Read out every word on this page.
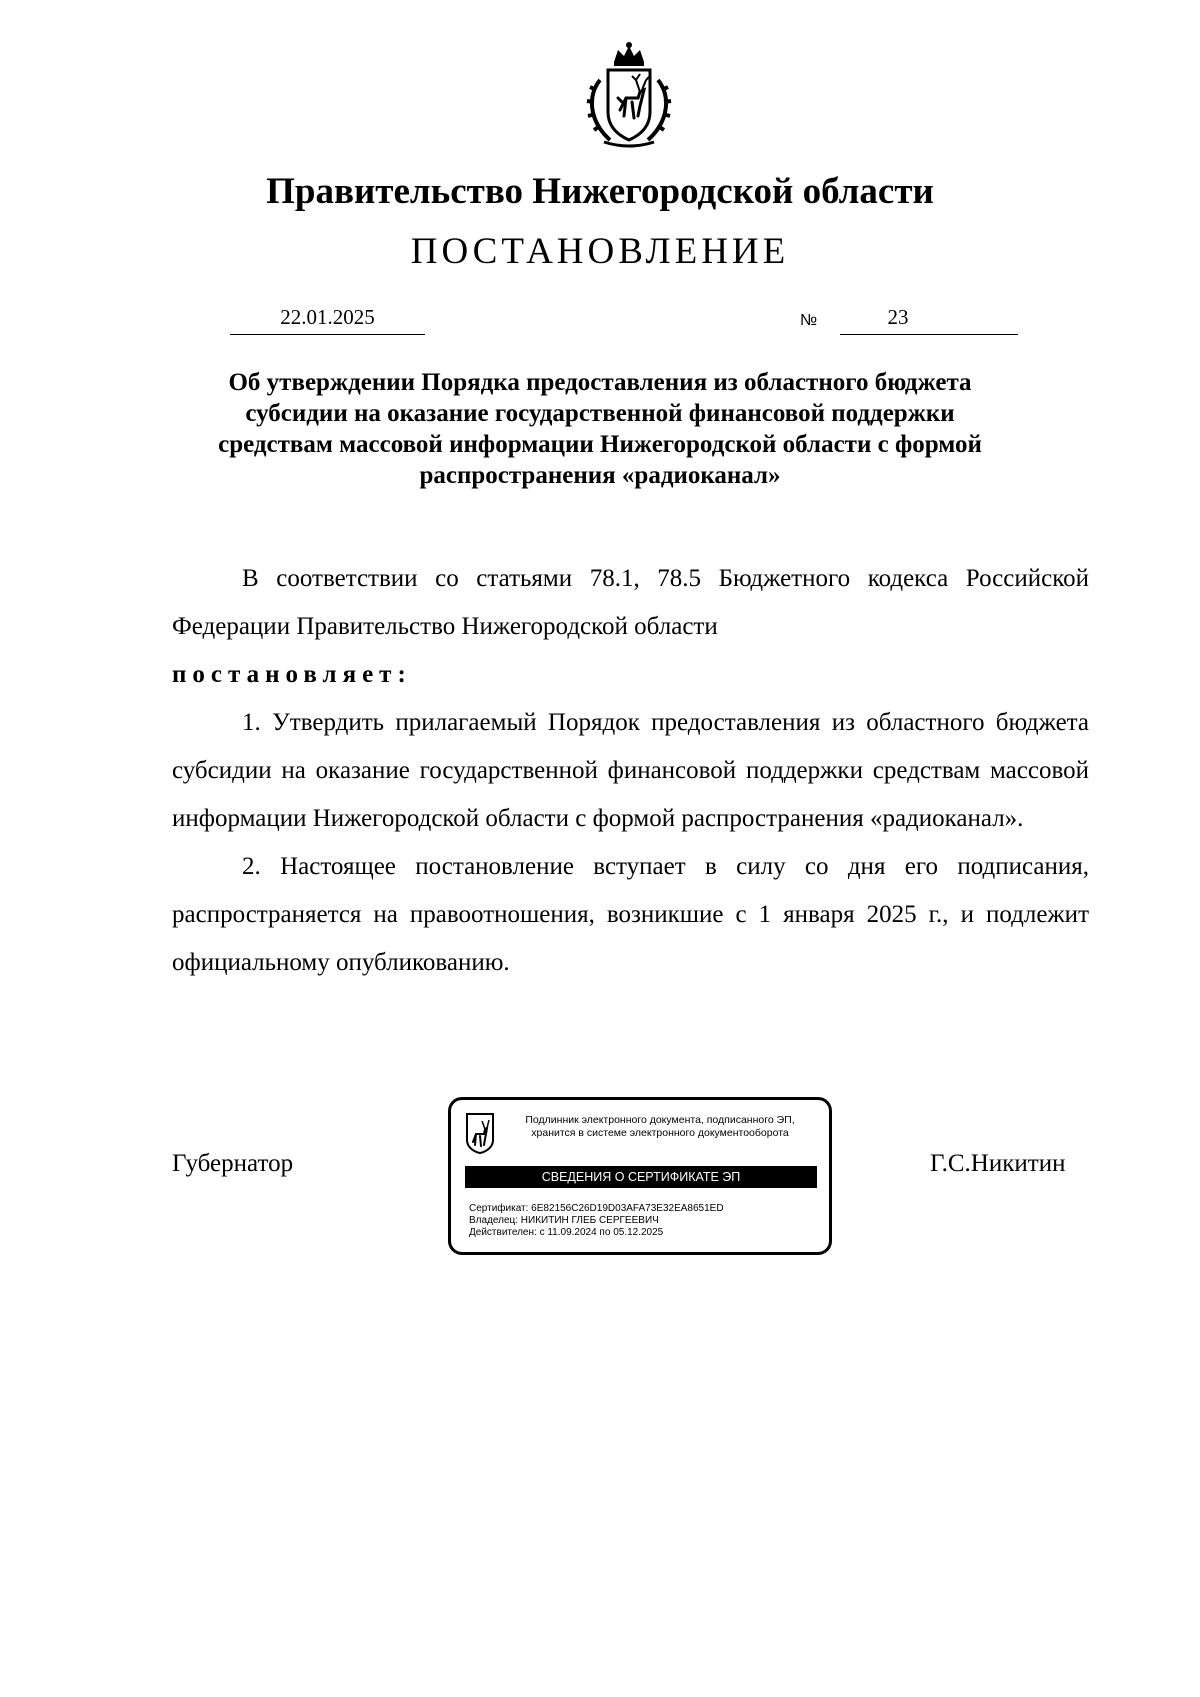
Правительство Нижегородской области
ПОСТАНОВЛЕНИЕ
22.01.2025	№	23
Об утверждении Порядка предоставления из областного бюджета субсидии на оказание государственной финансовой поддержки средствам массовой информации Нижегородской области с формой распространения «радиоканал»

В соответствии со статьями 78.1, 78.5 Бюджетного кодекса Российской Федерации Правительство Нижегородской области

постановляет:

1. Утвердить прилагаемый Порядок предоставления из областного бюджета субсидии на оказание государственной финансовой поддержки средствам массовой информации Нижегородской области с формой распространения «радиоканал».

2. Настоящее постановление вступает в силу со дня его подписания, распространяется на правоотношения, возникшие с 1 января 2025 г., и подлежит официальному опубликованию.

Губернатор	Г.С.Никитин
Подлинник электронного документа, подписанного ЭП,
хранится в системе электронного документооборота
СВЕДЕНИЯ О СЕРТИФИКАТЕ ЭП
Сертификат: 6E82156C26D19D03AFA73E32EA8651ED
Владелец: НИКИТИН ГЛЕБ СЕРГЕЕВИЧ
Действителен: с 11.09.2024 по 05.12.2025
